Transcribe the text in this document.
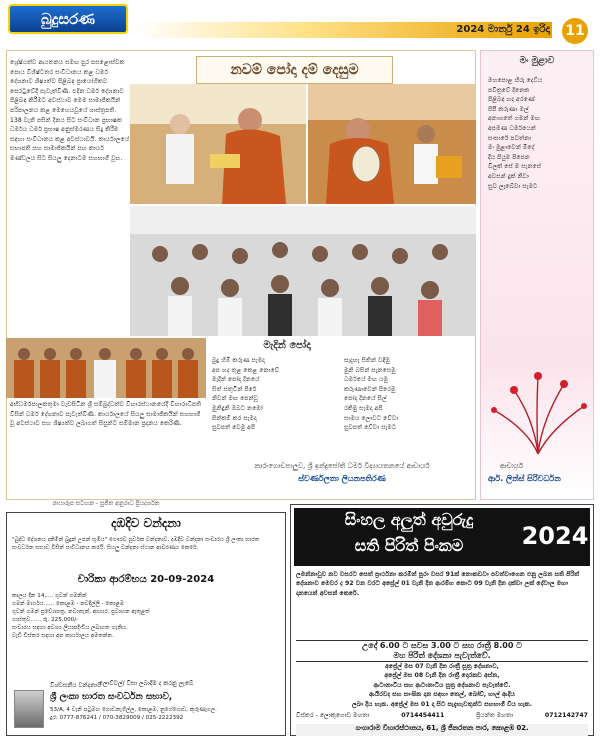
බුදුසරණ
2024 මාර්තු 24 ඉරිදා 11
නවම් පෝදා දම් දෙසුම
ශ්‍රේෂ්ඨත්ව ආයතනය සමඟ පුර පසළොස්වක පොය විශිෂ්ටතර සංවිධානය කළ ධර්ම දේශනාව ශිෂ්‍යත්ව පිළිබඳ ප්‍රායෝගිකව පෙරටුවේදී පැවැත්විණි. එදින ධර්ම දේශනාව පිළිබඳ කිරීමට අවස්ථාව මෙම සාමාජිකයින් පරිපාලනය කළ මෙහෙයවූයේ ශාස්ත්‍රපති. 138 වැනි පසින් දිනය සිට සංවිධාන ප්‍රභාෂක ධර්මය ධර්ම ප්‍රභාෂ අනුස්මරණය සිදු කිරීම සඳහා සංවිධානය කළ අවස්ථාවයි. කාර්යාලයේ සභාපති සහ සාමාජිකයින් සහ කාර්ය මණ්ඩලය සිට සියලු දෙනාටම සහභාගී වූහ.
අභිධර්මපාලකතුමා වැඩසිටින ශ්‍රී සම්බුද්ධත්ව විහාරස්ථානයේදී විහාරාධිපති විසින් ධර්ම දේශනාව පැවැත්විණි. කාර්යාලයේ සියලු සාමාජිකයින් සහභාගී වූ අවස්ථාව සහ ශිෂ්‍යත්ව ලබාගත් සිසුන්ට සම්මාන ප්‍රදානය කෙරිණි.
මැදින් පෝදා
බුදු හිමි කරුණ සැමදා
අප හද තුළ කෙළ නොවේ
මැදින් පෝදා දිනයේ
සිත් සතුටින් පිරේ
නිවන් මඟ පෙන්වූ
මුනිඳුනි ඔබට නමෝ
පින්කම් කර සැමදා
සුවපත් වෙමු අපි
සැදැහැ සිතින් වඳිමු
මුනි බසින් සැනසෙමු
ධර්මයේ මඟ යමු
කරුණාවෙන් පිරෙමු
පෝදා දිනයේ සිල්
රකිමු සැමදා අපි
සාමය ලොවට වේවා
සුවපත් වේවා සැමට
නාරංගොඩපාලුව, ශ්‍රී ඉන්ද්‍රජෝති ධර්ම විද්‍යායතනයේ ආචාර්ය
ස්වර්ණලතා ලියනපතිරණ
මං මුළාව
මහපොළ හිරු දෙව්ය
පවිත්‍රවේ දිනෙක
පිළිබඳ හද අරණේ
පිපී කරුණා මල්
අනාගතේ ගමන් මඟ
අපමණ ධර්මයෙන්
සංසාරේ පවත්නා
මං මුළාවෙන් මිදේ
දිය පියුම පිපෙන
විලක් සේ ම සැනසේ
අවසන් දුක් නිවා
සුව ලැබේවා සැමට
ආචාර්ය
ආර්. ලින්ස් සිරිවර්ධන
ඡායාරූප සටහන - සුජිත අනුරාධ ප්‍රියදර්ශන
දඹදිව වන්දනා
"බුද්ධ දේශනය දකිමින් බුදුන් උපන් භූමිය" ගෞරව පූර්වක වන්දනාව. දඹදිව වන්දනා සංචාරය ශ්‍රී ලංකා භාරත සංවර්ධන සභාව විසින් සංවිධානය කරයි. සියලු වන්දනා ස්ථාන ආවරණය කෙරේ.
චාරිකා ආරම්භය 20-09-2024
කාලය දින 14..... ගුවන් ගමනින්
ගමන් මාර්ගය...... කොළඹ - නවදිල්ලි - කොළඹ
ගුවන් ගමන් ප්‍රවේශපත්‍ර, නවාතැන්, ආහාර, ප්‍රවාහන ඇතුළත්
ගාස්තුව...... රු. 225,000/-
සංචාරය සඳහා අවශ්‍ය ලියාපදිංචිය ලබාගත හැකිය.
වැඩි විස්තර සඳහා අප කාර්යාලය අමතන්න.
ලොව්වල්/ වීසා ලබාදීම ද කරනු ලැබේ
විශ්වසනීය වන්දනාව
ශ්‍රී ලංකා භාරත සංවර්ධන සභාව,
53/A, 4 වැනි පටුමඟ ගොඩනැගිල්ල, කොළඹ, නුගේගොඩ, කුරුණෑගල.
දුර: 0777-876241 / 070-3829009 / 025-2222392
සිංහල අලුත් අවුරුදු
සති පිරිත් පිංකම	2024
ලමන්නාවුව නව වසරට සෙත් ප්‍රාර්ථනා කරමින් පුරා වසර 91ක් නොකඩවා පවත්වාගෙන එනු ලබන සති පිරිත් දේශනාව මෙවර ද 92 වන වරට අප්‍රේල් 01 වැනි දින ආරම්භ කොට 09 වැනි දින දක්වා ලක් දේවාල මහා දානයෙන් අවසන් කෙරේ.
උදේ 6.00 ට සවස 3.00 ට සහ රාත්‍රී 8.00 ට
මහ පිරිත් දේශනා පැවැත්වේ.
අප්‍රේල් මස 07 වැනි දින රාත්‍රී සූත්‍ර දේශනාව,
අප්‍රේල් මස 08 වැනි දින රාත්‍රී දොරකඩ අස්න,
ආටානාටිය සහ ආටානාටිය සූත්‍ර දේශනාව පැවැත්වේ.
ආයිරවද සහ සාංඝික දාන සඳහා තෙල්, බෝඩ්, හාල් ආදිය
ලබා දිය හැක. අප්‍රේල් මස 01 දා සිට සැදැහැවතුන්ට සහභාගී විය හැක.
විස්තර - ලොකුගොඩ මහතා	0714454411	ප්‍රියන්ත මහතා	0712142747
ගංගාරාම විහාරස්ථානය, 61, ශ්‍රී ජිනරතන පාර, කොළඹ 02.
